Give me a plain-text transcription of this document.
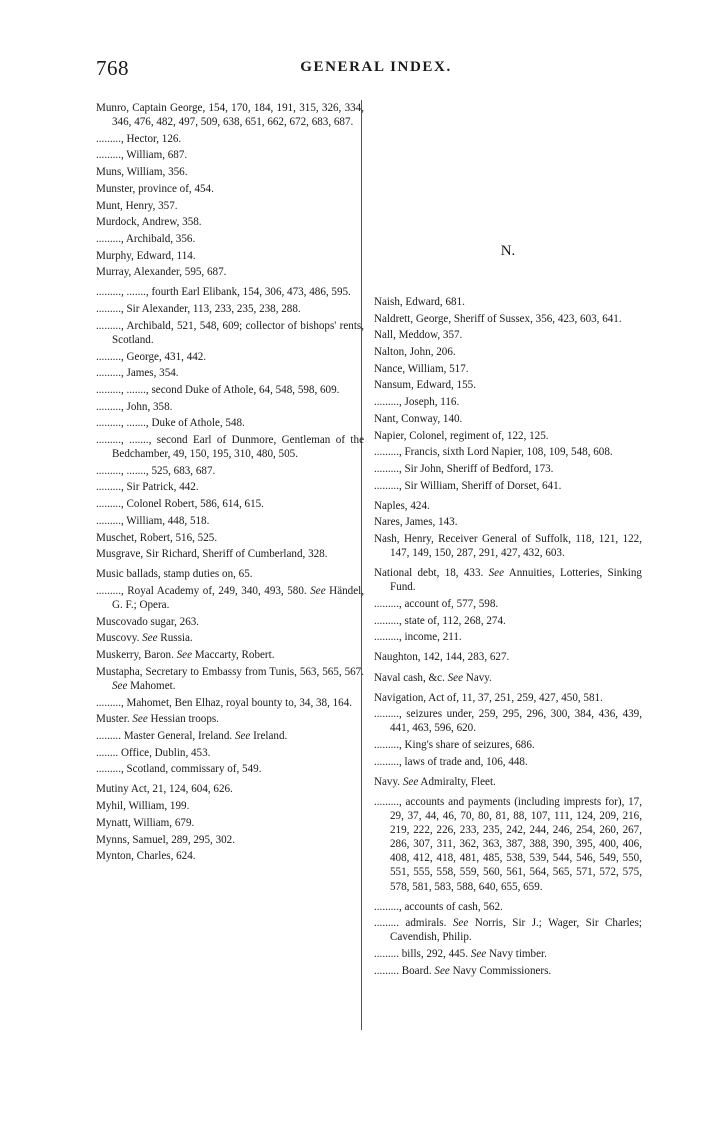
768	GENERAL INDEX.
Munro, Captain George, 154, 170, 184, 191, 315, 326, 334, 346, 476, 482, 497, 509, 638, 651, 662, 672, 683, 687.
........., Hector, 126.
........., William, 687.
Muns, William, 356.
Munster, province of, 454.
Munt, Henry, 357.
Murdock, Andrew, 358.
........., Archibald, 356.
Murphy, Edward, 114.
Murray, Alexander, 595, 687.
........., ......., fourth Earl Elibank, 154, 306, 473, 486, 595.
........., Sir Alexander, 113, 233, 235, 238, 288.
........., Archibald, 521, 548, 609; collector of bishops' rents, Scotland.
........., George, 431, 442.
........., James, 354.
........., ......., second Duke of Athole, 64, 548, 598, 609.
........., John, 358.
........., ......., Duke of Athole, 548.
........., ......., second Earl of Dunmore, Gentleman of the Bedchamber, 49, 150, 195, 310, 480, 505.
........., ......., 525, 683, 687.
........., Sir Patrick, 442.
........., Colonel Robert, 586, 614, 615.
........., William, 448, 518.
Muschet, Robert, 516, 525.
Musgrave, Sir Richard, Sheriff of Cumberland, 328.
Music ballads, stamp duties on, 65.
........., Royal Academy of, 249, 340, 493, 580. See Händel, G. F.; Opera.
Muscovado sugar, 263.
Muscovy. See Russia.
Muskerry, Baron. See Maccarty, Robert.
Mustapha, Secretary to Embassy from Tunis, 563, 565, 567. See Mahomet.
........., Mahomet, Ben Elhaz, royal bounty to, 34, 38, 164.
Muster. See Hessian troops.
......... Master General, Ireland. See Ireland.
........ Office, Dublin, 453.
........., Scotland, commissary of, 549.
Mutiny Act, 21, 124, 604, 626.
Myhil, William, 199.
Mynatt, William, 679.
Mynns, Samuel, 289, 295, 302.
Mynton, Charles, 624.
N.
Naish, Edward, 681.
Naldrett, George, Sheriff of Sussex, 356, 423, 603, 641.
Nall, Meddow, 357.
Nalton, John, 206.
Nance, William, 517.
Nansum, Edward, 155.
........., Joseph, 116.
Nant, Conway, 140.
Napier, Colonel, regiment of, 122, 125.
........., Francis, sixth Lord Napier, 108, 109, 548, 608.
........., Sir John, Sheriff of Bedford, 173.
........., Sir William, Sheriff of Dorset, 641.
Naples, 424.
Nares, James, 143.
Nash, Henry, Receiver General of Suffolk, 118, 121, 122, 147, 149, 150, 287, 291, 427, 432, 603.
National debt, 18, 433. See Annuities, Lotteries, Sinking Fund.
........., account of, 577, 598.
........., state of, 112, 268, 274.
........., income, 211.
Naughton, 142, 144, 283, 627.
Naval cash, &c. See Navy.
Navigation, Act of, 11, 37, 251, 259, 427, 450, 581.
........., seizures under, 259, 295, 296, 300, 384, 436, 439, 441, 463, 596, 620.
........., King's share of seizures, 686.
........., laws of trade and, 106, 448.
Navy. See Admiralty, Fleet.
........., accounts and payments (including imprests for), 17, 29, 37, 44, 46, 70, 80, 81, 88, 107, 111, 124, 209, 216, 219, 222, 226, 233, 235, 242, 244, 246, 254, 260, 267, 286, 307, 311, 362, 363, 387, 388, 390, 395, 400, 406, 408, 412, 418, 481, 485, 538, 539, 544, 546, 549, 550, 551, 555, 558, 559, 560, 561, 564, 565, 571, 572, 575, 578, 581, 583, 588, 640, 655, 659.
........., accounts of cash, 562.
......... admirals. See Norris, Sir J.; Wager, Sir Charles; Cavendish, Philip.
......... bills, 292, 445. See Navy timber.
......... Board. See Navy Commissioners.
